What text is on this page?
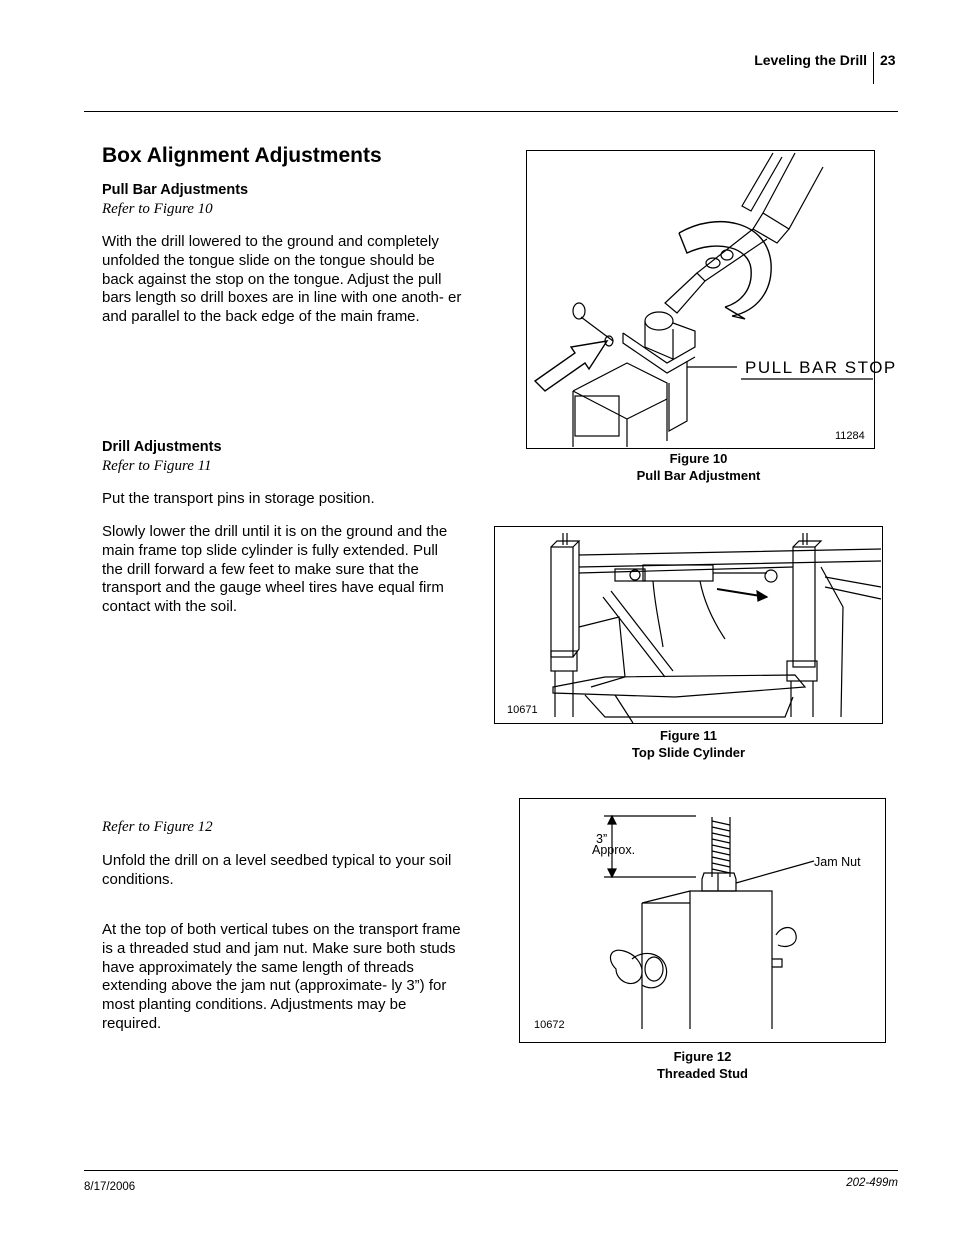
Leveling the Drill 23
Box Alignment Adjustments
Pull Bar Adjustments
Refer to Figure 10
With the drill lowered to the ground and completely unfolded the tongue slide on the tongue should be back against the stop on the tongue. Adjust the pull bars length so drill boxes are in line with one anoth- er and parallel to the back edge of the main frame.
Drill Adjustments
Refer to Figure 11
Put the transport pins in storage position.
Slowly lower the drill until it is on the ground and the main frame top slide cylinder is fully extended. Pull the drill forward a few feet to make sure that the transport and the gauge wheel tires have equal firm contact with the soil.
Refer to Figure 12
Unfold the drill on a level seedbed typical to your soil conditions.
At the top of both vertical tubes on the transport frame is a threaded stud and jam nut. Make sure both studs have approximately the same length of threads extending above the jam nut (approximate- ly 3”) for most planting conditions. Adjustments may be required.
PULL BAR STOP
11284
Figure 10
Pull Bar Adjustment
10671
Figure 11
Top Slide Cylinder
3”
Approx.
Jam Nut
10672
Figure 12
Threaded Stud
8/17/2006	202-499m
